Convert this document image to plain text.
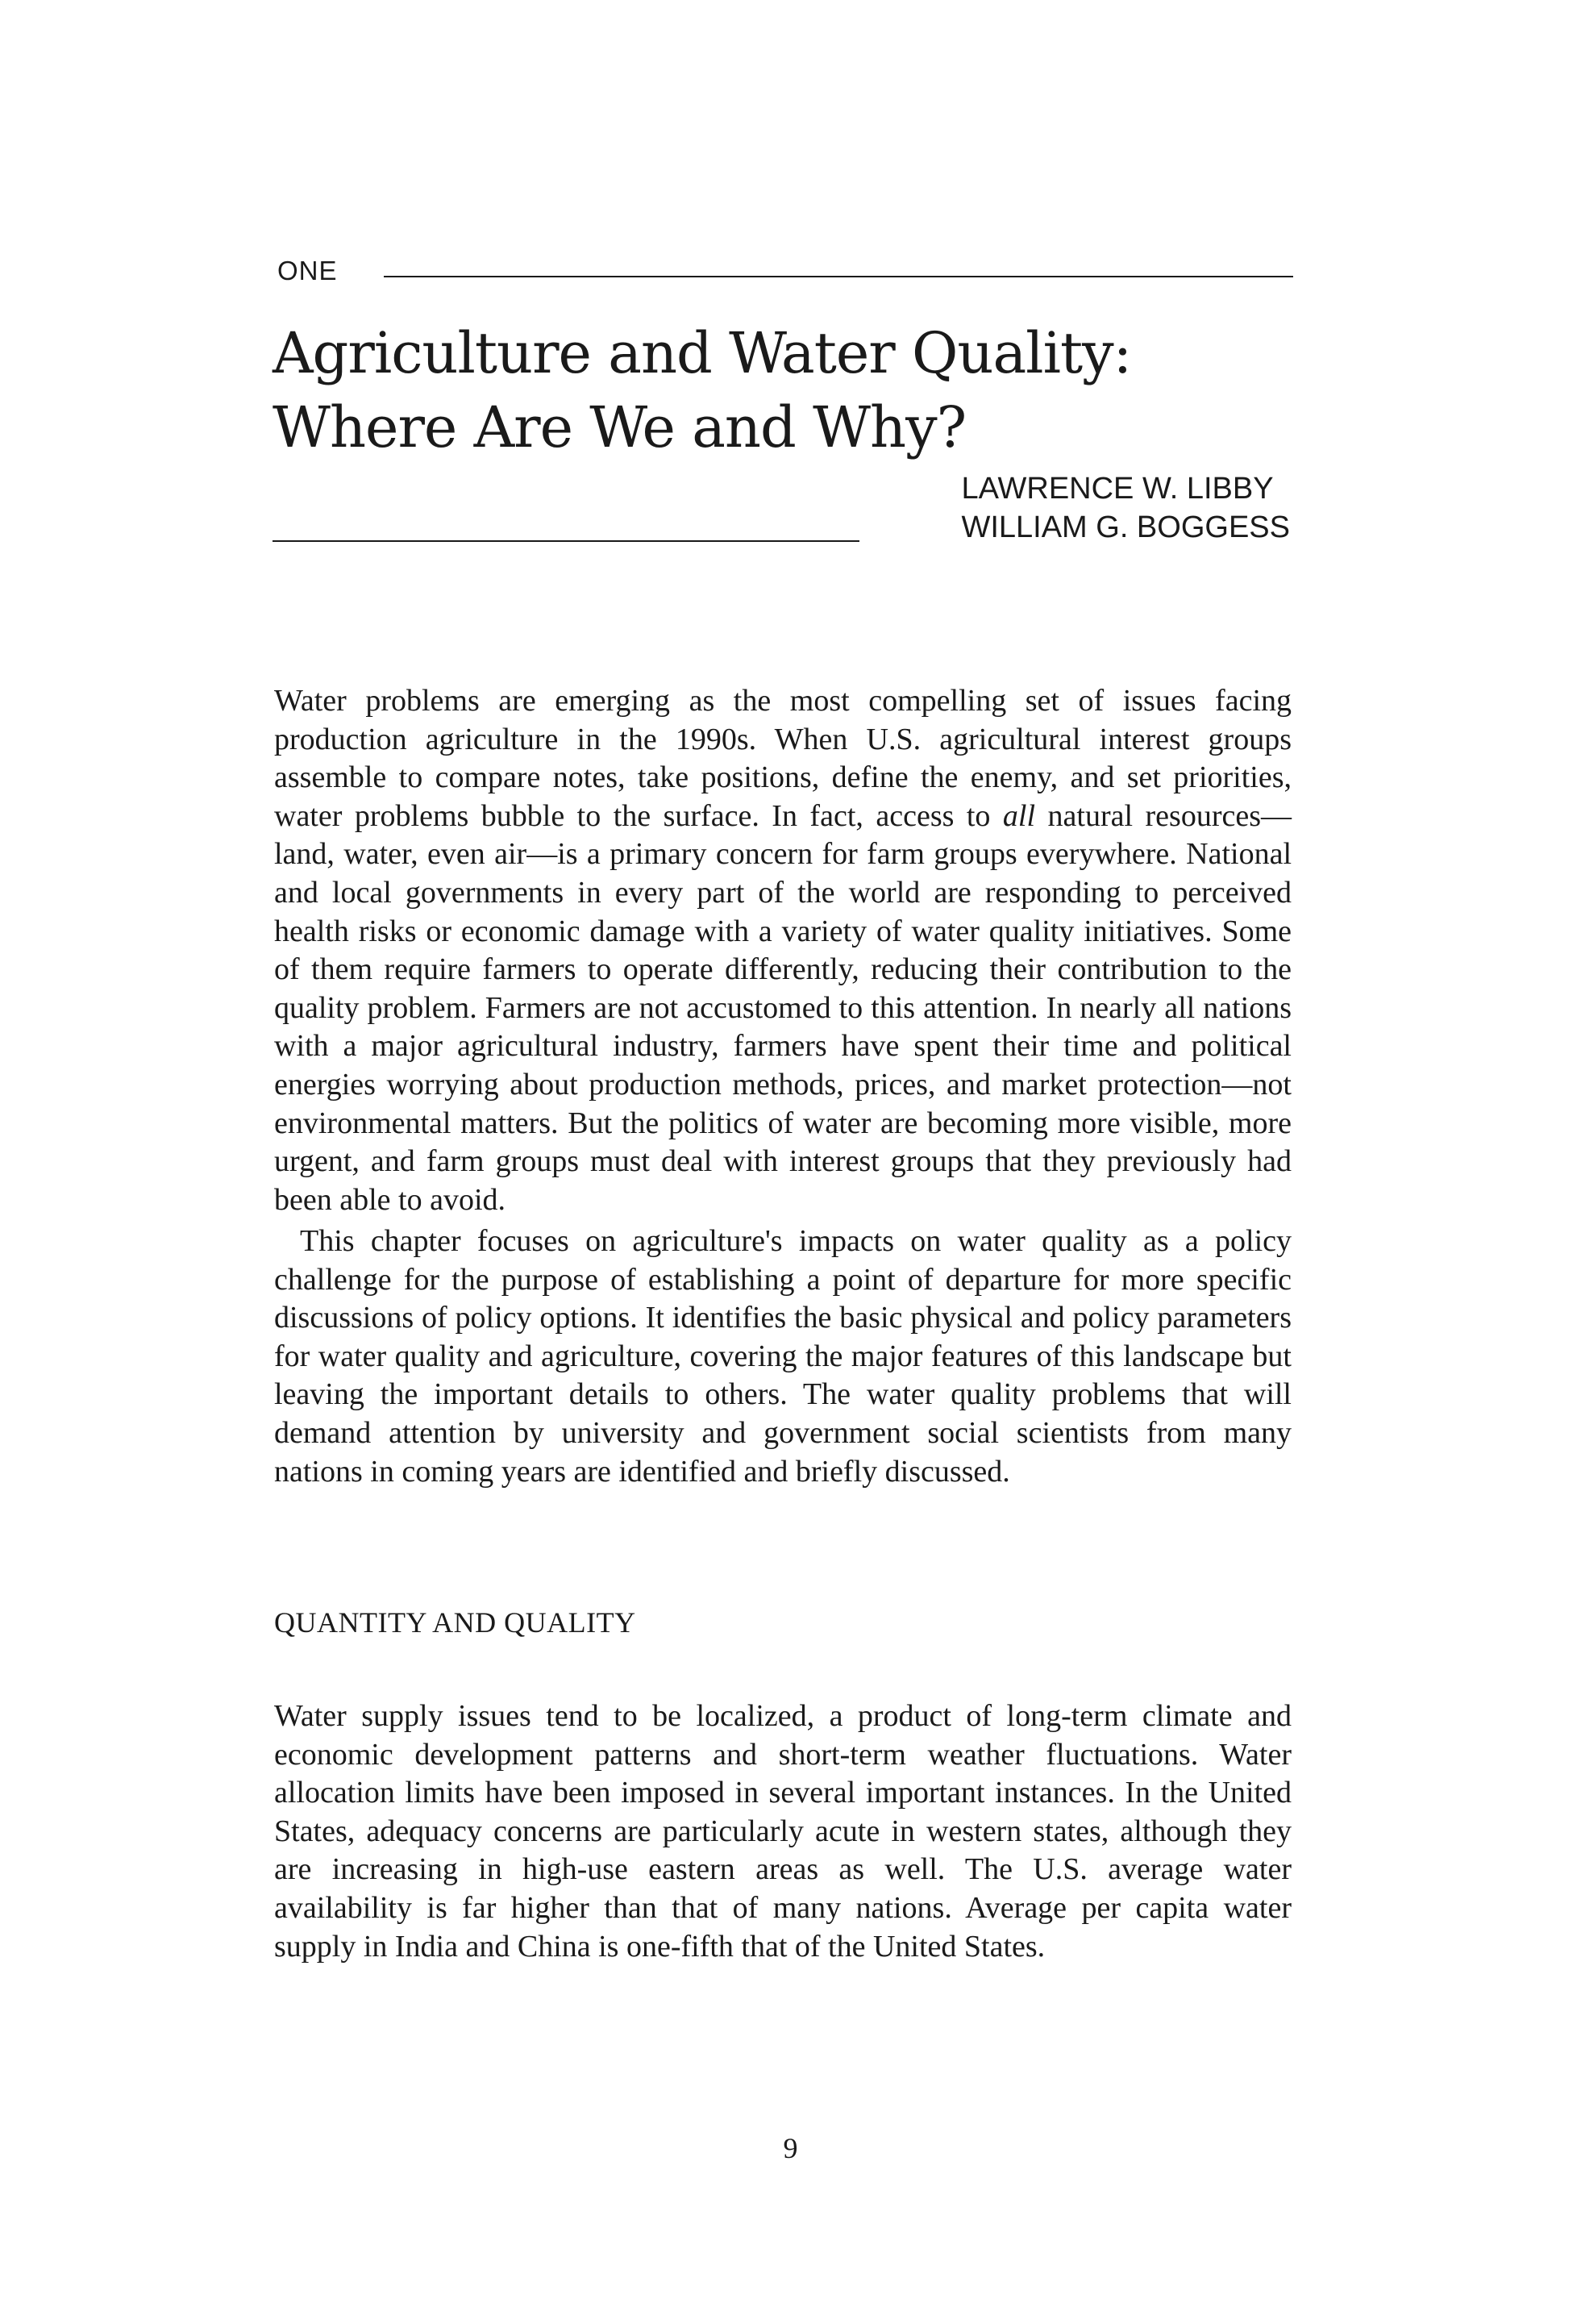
ONE
Agriculture and Water Quality:
Where Are We and Why?
LAWRENCE W. LIBBY
WILLIAM G. BOGGESS

Water problems are emerging as the most compelling set of issues facing production agriculture in the 1990s. When U.S. agricultural interest groups assemble to compare notes, take positions, define the enemy, and set priorities, water problems bubble to the surface. In fact, access to all natural resources—land, water, even air—is a primary concern for farm groups everywhere. National and local governments in every part of the world are responding to perceived health risks or economic damage with a variety of water quality initiatives. Some of them require farmers to operate differently, reducing their contribution to the quality problem. Farmers are not accustomed to this attention. In nearly all nations with a major agricultural industry, farmers have spent their time and political energies worrying about production methods, prices, and market protection—not environmental matters. But the politics of water are becoming more visible, more urgent, and farm groups must deal with interest groups that they previously had been able to avoid.

This chapter focuses on agriculture's impacts on water quality as a policy challenge for the purpose of establishing a point of departure for more specific discussions of policy options. It identifies the basic physical and policy parameters for water quality and agriculture, covering the major features of this landscape but leaving the important details to others. The water quality problems that will demand attention by university and government social scientists from many nations in coming years are identified and briefly discussed.

QUANTITY AND QUALITY

Water supply issues tend to be localized, a product of long-term climate and economic development patterns and short-term weather fluctuations. Water allocation limits have been imposed in several important instances. In the United States, adequacy concerns are particularly acute in western states, although they are increasing in high-use eastern areas as well. The U.S. average water availability is far higher than that of many nations. Average per capita water supply in India and China is one-fifth that of the United States.

9
